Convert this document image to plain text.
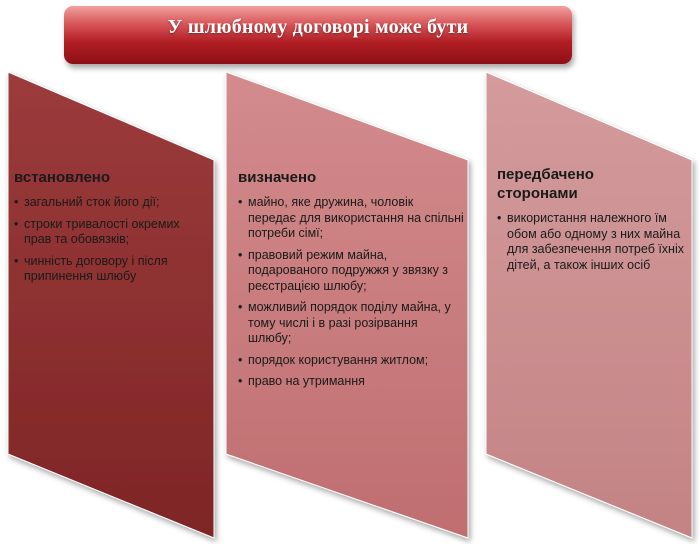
У шлюбному договорі може бути
встановлено
• загальний сток його дії;
• строки тривалості окремих прав та обовязків;
• чинність договору і після припинення шлюбу
визначено
• майно, яке дружина, чоловік передає для використання на спільні потреби сімї;
• правовий режим майна, подарованого подружжя у звязку з реєстрацією шлюбу;
• можливий порядок поділу майна, у тому числі і в разі розірвання шлюбу;
• порядок користування житлом;
• право на утримання
передбачено сторонами
• використання належного їм обом або одному з них майна для забезпечення потреб їхніх дітей, а також інших осіб
